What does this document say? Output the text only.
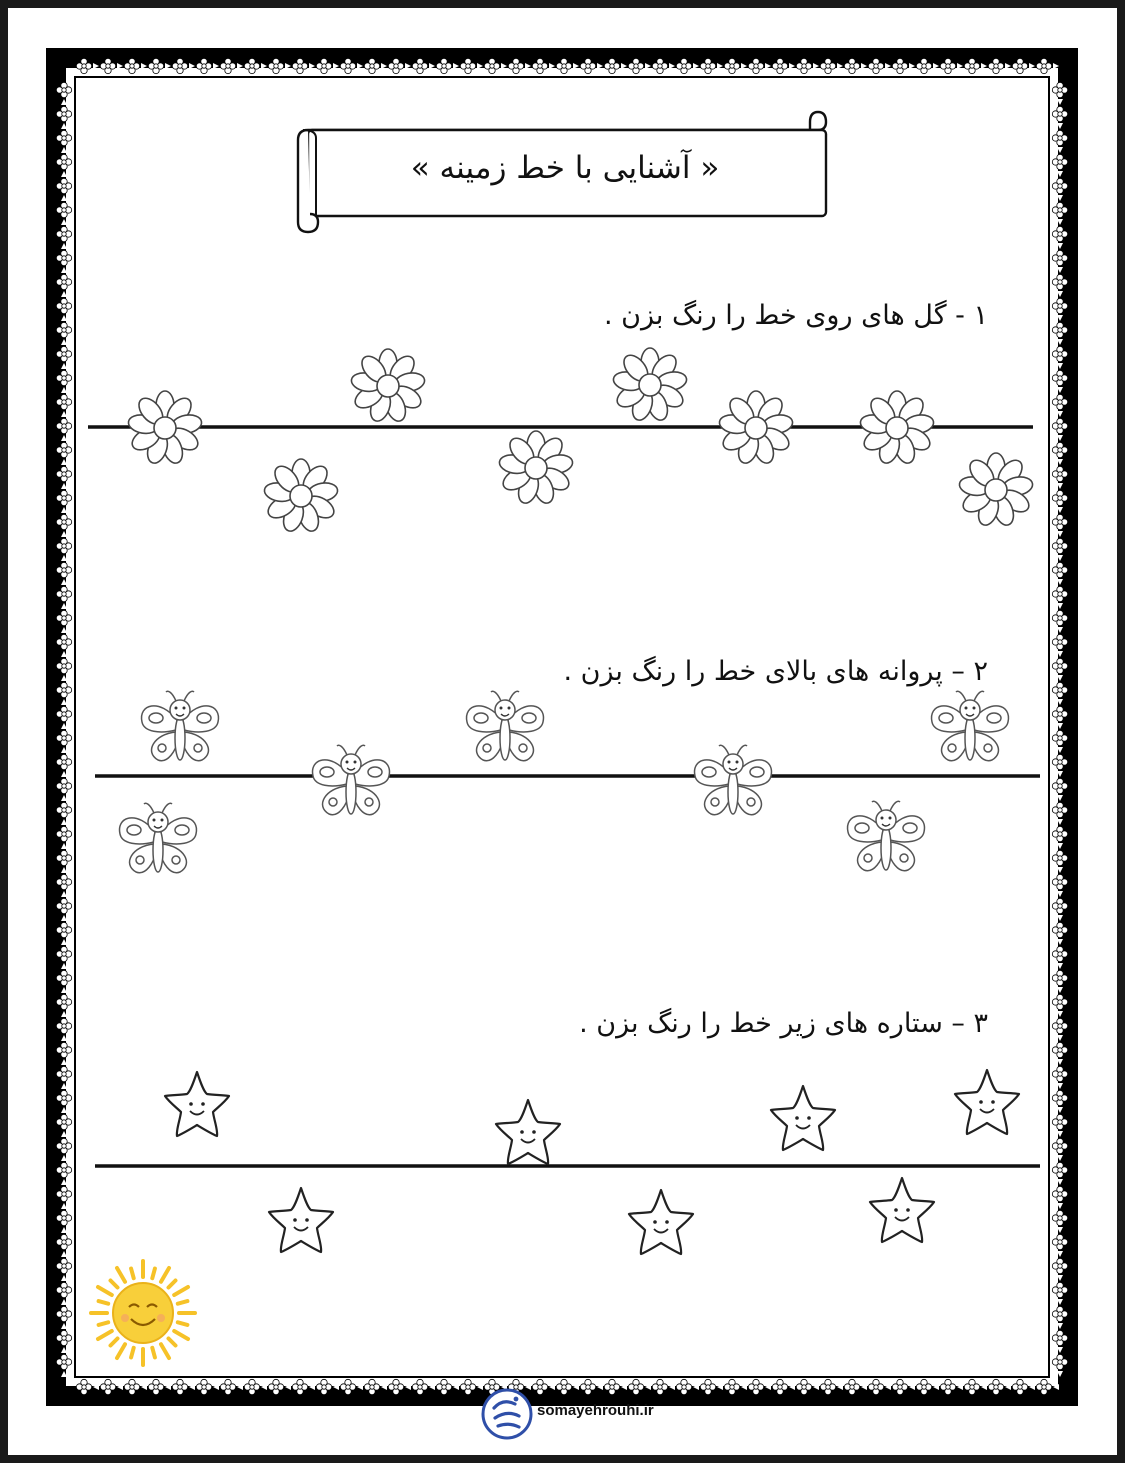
« آشنایی با خط زمینه »
۱ - گل های روی خط را رنگ بزن .
۲ – پروانه های بالای خط را رنگ بزن .
۳ – ستاره های زیر خط را رنگ بزن .
somayehrouhi.ir
